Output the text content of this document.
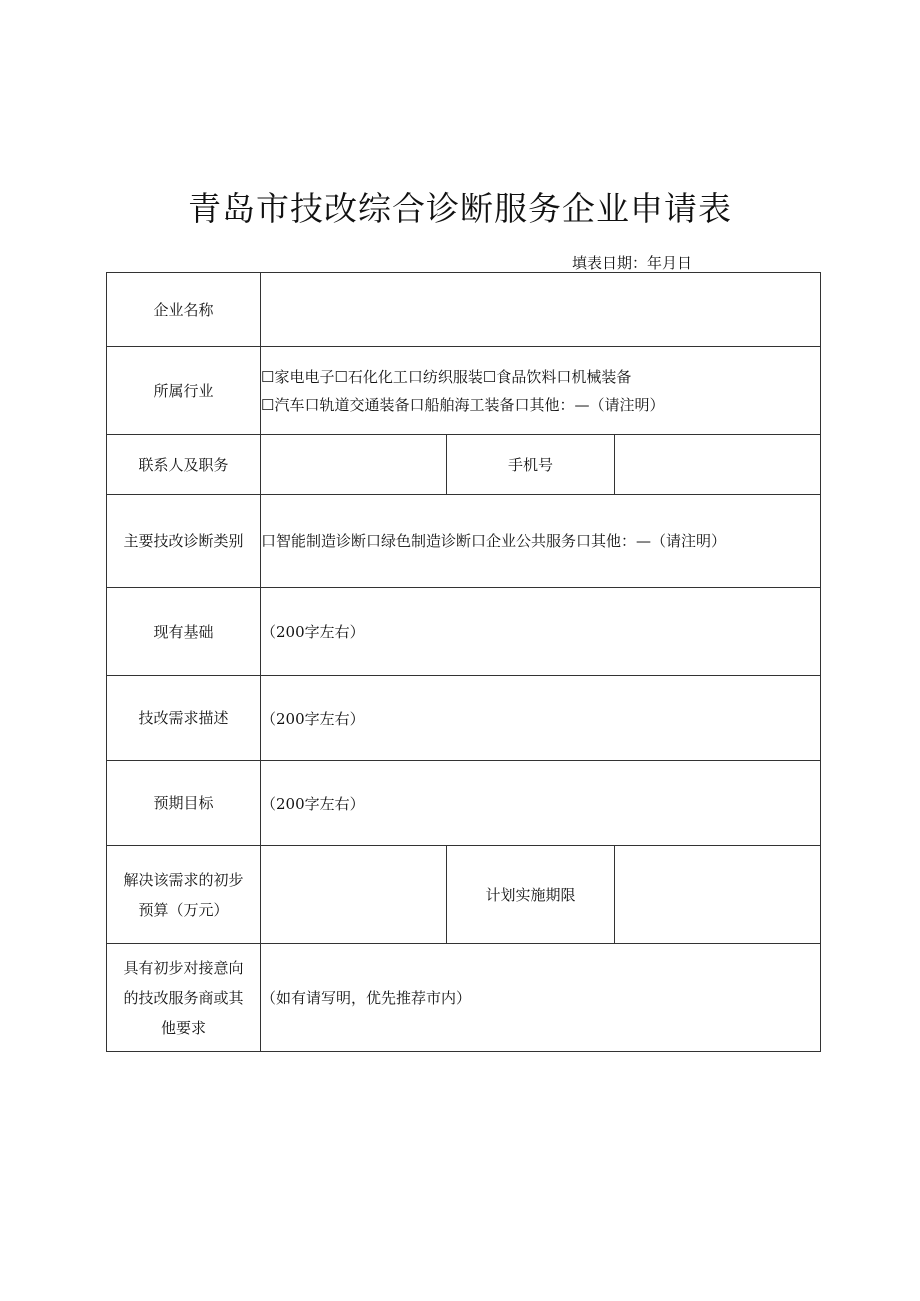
青岛市技改综合诊断服务企业申请表
填表日期：年月日
企业名称			
所属行业	☐家电电子☐石化化工口纺织服装☐食品饮料口机械装备
☐汽车口轨道交通装备口船舶海工装备口其他：—（请注明）		

联系人及职务		手机号	
主要技改诊断类别	口智能制造诊断口绿色制造诊断口企业公共服务口其他：—（请注明）		

现有基础	（200字左右）		
技改需求描述	（200字左右）		
预期目标	（200字左右）		

解决该需求的初步
预算（万元）		计划实施期限	

具有初步对接意向
的技改服务商或其
他要求	（如有请写明，优先推荐市内）		
